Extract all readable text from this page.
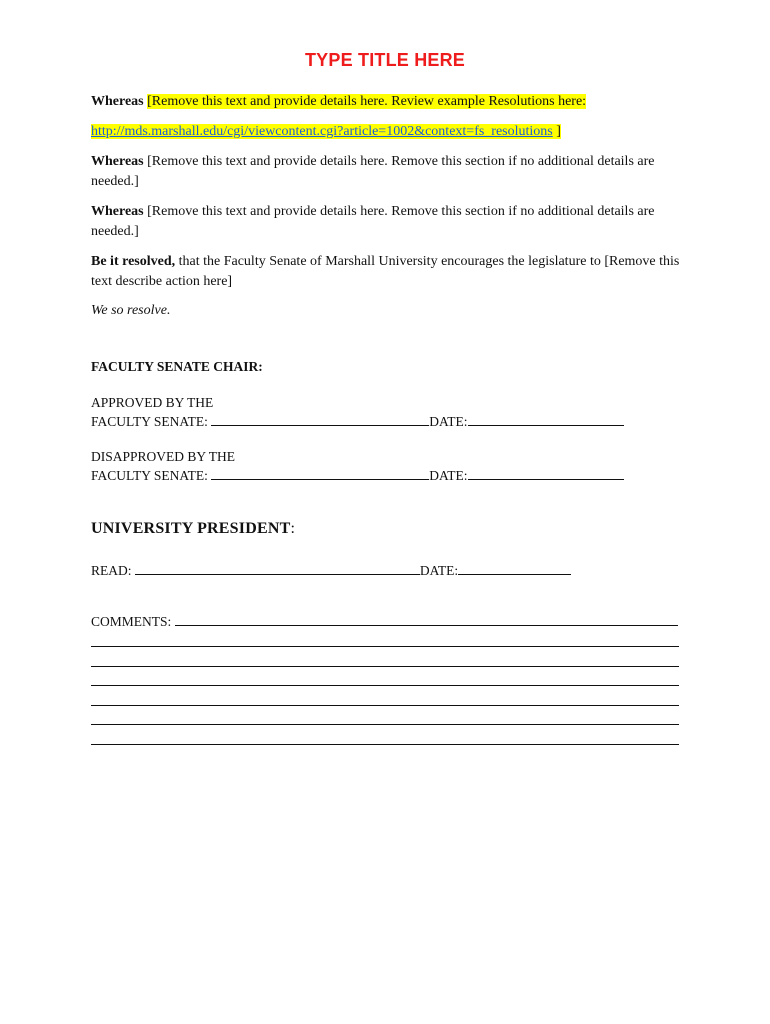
TYPE TITLE HERE
Whereas [Remove this text and provide details here. Review example Resolutions here:
http://mds.marshall.edu/cgi/viewcontent.cgi?article=1002&context=fs_resolutions ]
Whereas [Remove this text and provide details here. Remove this section if no additional details are needed.]
Whereas [Remove this text and provide details here. Remove this section if no additional details are needed.]
Be it resolved, that the Faculty Senate of Marshall University encourages the legislature to [Remove this text describe action here]
We so resolve.
FACULTY SENATE CHAIR:
APPROVED BY THE
FACULTY SENATE:	DATE:
DISAPPROVED BY THE
FACULTY SENATE:	DATE:
UNIVERSITY PRESIDENT:
READ:	DATE:
COMMENTS:
